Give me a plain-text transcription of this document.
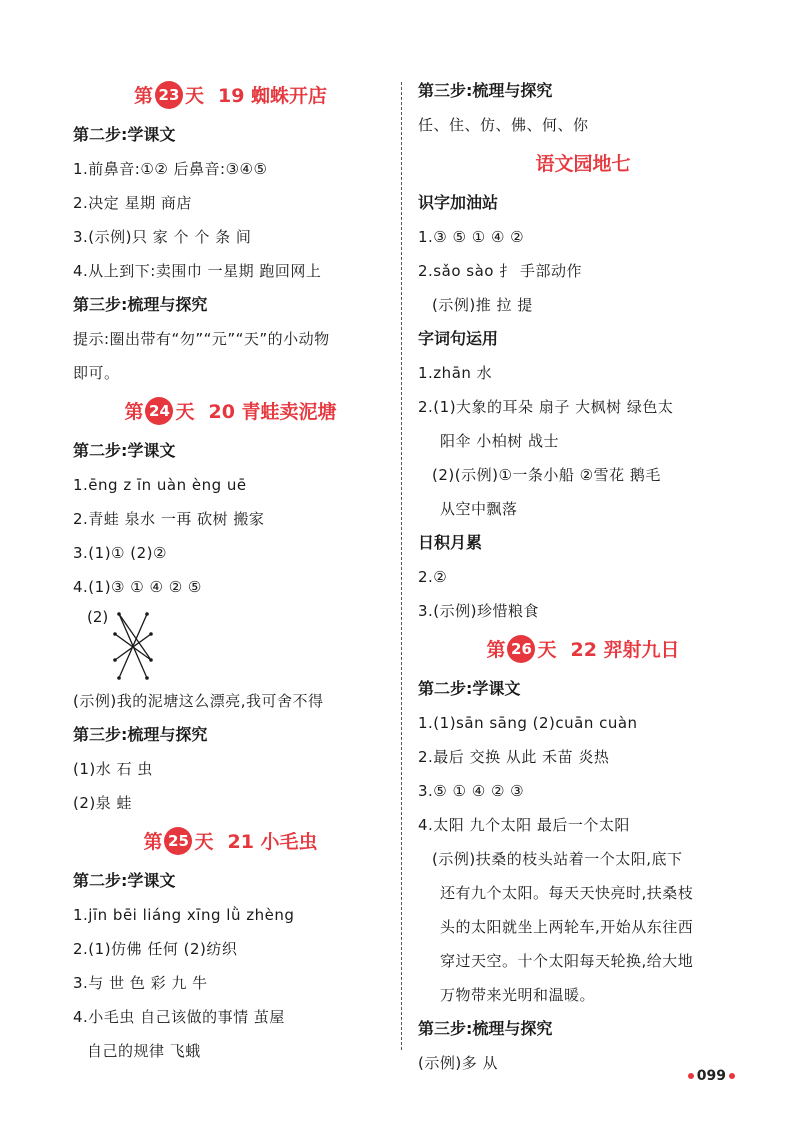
第 23 天 19 蜘蛛开店
第二步:学课文
1.前鼻音:①② 后鼻音:③④⑤
2.决定 星期 商店
3.(示例)只 家 个 个 条 间
4.从上到下:卖围巾 一星期 跑回网上
第三步:梳理与探究
提示:圈出带有“勿”“元”“天”的小动物
即可。
第 24 天 20 青蛙卖泥塘
第二步:学课文
1.ēng z īn uàn èng uē
2.青蛙 泉水 一再 砍树 搬家
3.(1)① (2)②
4.(1)③ ① ④ ② ⑤
(2)
(示例)我的泥塘这么漂亮,我可舍不得
第三步:梳理与探究
(1)水 石 虫
(2)泉 蛙
第 25 天 21 小毛虫
第二步:学课文
1.jīn bēi liáng xīng lǜ zhèng
2.(1)仿佛 任何 (2)纺织
3.与 世 色 彩 九 牛
4.小毛虫 自己该做的事情 茧屋
自己的规律 飞蛾
第三步:梳理与探究
任、住、仿、佛、何、你
语文园地七
识字加油站
1.③ ⑤ ① ④ ②
2.sǎo sào 扌 手部动作
(示例)推 拉 提
字词句运用
1.zhān 水
2.(1)大象的耳朵 扇子 大枫树 绿色太
阳伞 小柏树 战士
(2)(示例)①一条小船 ②雪花 鹅毛
从空中飘落
日积月累
2.②
3.(示例)珍惜粮食
第 26 天 22 羿射九日
第二步:学课文
1.(1)sān sāng (2)cuān cuàn
2.最后 交换 从此 禾苗 炎热
3.⑤ ① ④ ② ③
4.太阳 九个太阳 最后一个太阳
(示例)扶桑的枝头站着一个太阳,底下
还有九个太阳。每天天快亮时,扶桑枝
头的太阳就坐上两轮车,开始从东往西
穿过天空。十个太阳每天轮换,给大地
万物带来光明和温暖。
第三步:梳理与探究
(示例)多 从
099
